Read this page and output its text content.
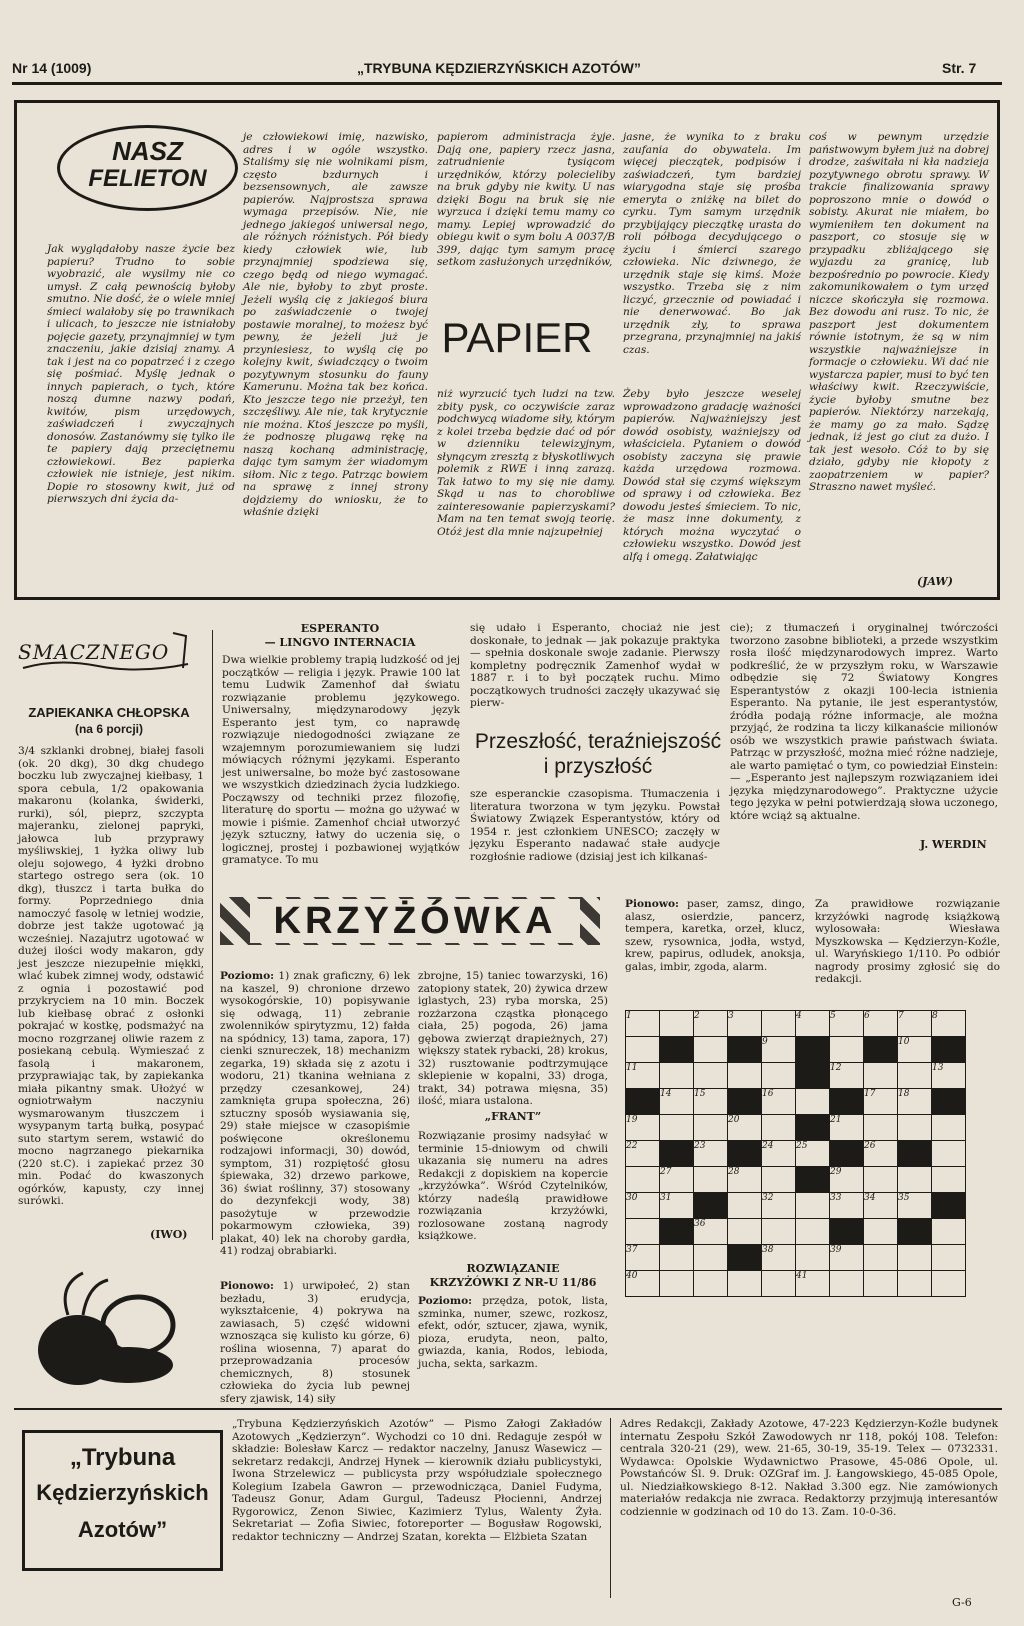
Nr 14 (1009)	„TRYBUNA KĘDZIERZYŃSKICH AZOTÓW”	Str. 7
NASZ
FELIETON
Jak wyglądałoby nasze życie bez papieru? Trudno to sobie wyobrazić, ale wysilmy nie co umysł. Z całą pewnością byłoby smutno. Nie dość, że o wiele mniej śmieci walałoby się po trawnikach i ulicach, to jeszcze nie istniałoby pojęcie gazety, przynajmniej w tym znaczeniu, jakie dzisiaj znamy. A tak i jest na co popatrzeć i z czego się pośmiać. Myślę jednak o innych papierach, o tych, które noszą dumne nazwy podań, kwitów, pism urzędowych, zaświadczeń i zwyczajnych donosów. Zastanówmy się tylko ile te papiery dają przeciętnemu człowiekowi. Bez papierka człowiek nie istnieje, jest nikim. Dopie ro stosowny kwit, już od pierwszych dni życia da-
je człowiekowi imię, nazwisko, adres i w ogóle wszystko. Staliśmy się nie wolnikami pism, często bzdurnych i bezsensownych, ale zawsze papierów. Najprostsza sprawa wymaga przepisów. Nie, nie jednego jakiegoś uniwersal nego, ale różnych różnistych. Pół biedy kiedy człowiek wie, lub przynajmniej spodziewa się, czego będą od niego wymagać. Ale nie, byłoby to zbyt proste. Jeżeli wyślą cię z jakiegoś biura po zaświadczenie o twojej postawie moralnej, to możesz być pewny, że jeżeli już je przyniesiesz, to wyślą cię po kolejny kwit, świadczący o twoim pozytywnym stosunku do fauny Kamerunu. Można tak bez końca. Kto jeszcze tego nie przeżył, ten szczęśliwy. Ale nie, tak krytycznie nie można. Ktoś jeszcze po myśli, że podnoszę plugawą rękę na naszą kochaną administrację, dając tym samym żer wiadomym siłom. Nic z tego. Patrząc bowiem na sprawę z innej strony dojdziemy do wniosku, że to właśnie dzięki
papierom administracja żyje. Dają one, papiery rzecz jasna, zatrudnienie tysiącom urzędników, którzy polecieliby na bruk gdyby nie kwity. U nas dzięki Bogu na bruk się nie wyrzuca i dzięki temu mamy co mamy. Lepiej wprowadzić do obiegu kwit o sym bolu A 0037/B 399, dając tym samym pracę setkom zasłużonych urzędników,
PAPIER
niż wyrzucić tych ludzi na tzw. zbity pysk, co oczywiście zaraz podchwycą wiadome siły, którym z kolei trzeba będzie dać od pór w dzienniku telewizyjnym, słynącym zresztą z błyskotliwych polemik z RWE i inną zarazą. Tak łatwo to my się nie damy. Skąd u nas to chorobliwe zainteresowanie papierzyskami? Mam na ten temat swoją teorię. Otóż jest dla mnie najzupełniej
jasne, że wynika to z braku zaufania do obywatela. Im więcej pieczątek, podpisów i zaświadczeń, tym bardziej wiarygodna staje się prośba emeryta o zniżkę na bilet do cyrku. Tym samym urzędnik przybijający pieczątkę urasta do roli półboga decydującego o życiu i śmierci szarego człowieka. Nic dziwnego, że urzędnik staje się kimś. Może wszystko. Trzeba się z nim liczyć, grzecznie od powiadać i nie denerwować. Bo jak urzędnik zły, to sprawa przegrana, przynajmniej na jakiś czas.
Żeby było jeszcze weselej wprowadzono gradację ważności papierów. Najważniejszy jest dowód osobisty, ważniejszy od właściciela. Pytaniem o dowód osobisty zaczyna się prawie każda urzędowa rozmowa. Dowód stał się czymś większym od sprawy i od człowieka. Bez dowodu jesteś śmieciem. To nic, że masz inne dokumenty, z których można wyczytać o człowieku wszystko. Dowód jest alfą i omegą. Załatwiając
coś w pewnym urzędzie państwowym byłem już na dobrej drodze, zaświtała ni kła nadzieja pozytywnego obrotu sprawy. W trakcie finalizowania sprawy poproszono mnie o dowód o sobisty. Akurat nie miałem, bo wymieniłem ten dokument na paszport, co stosuje się w przypadku zbliżającego się wyjazdu za granicę, lub bezpośrednio po powrocie. Kiedy zakomunikowałem o tym urzęd niczce skończyła się rozmowa. Bez dowodu ani rusz. To nic, że paszport jest dokumentem równie istotnym, że są w nim wszystkie najważniejsze in formacje o człowieku. Wi dać nie wystarcza papier, musi to być ten właściwy kwit. Rzeczywiście, życie byłoby smutne bez papierów. Niektórzy narzekają, że mamy go za mało. Sądzę jednak, iż jest go ciut za dużo. I tak jest wesoło. Cóż to by się działo, gdyby nie kłopoty z zaopatrzeniem w papier? Straszno nawet myśleć.
(JAW)
SMACZNEGO
ZAPIEKANKA CHŁOPSKA
(na 6 porcji)
3/4 szklanki drobnej, białej fasoli (ok. 20 dkg), 30 dkg chudego boczku lub zwyczajnej kiełbasy, 1 spora cebula, 1/2 opakowania makaronu (kolanka, świderki, rurki), sól, pieprz, szczypta majeranku, zielonej papryki, jałowca lub przyprawy myśliwskiej, 1 łyżka oliwy lub oleju sojowego, 4 łyżki drobno startego ostrego sera (ok. 10 dkg), tłuszcz i tarta bułka do formy. Poprzedniego dnia namoczyć fasolę w letniej wodzie, dobrze jest także ugotować ją wcześniej. Nazajutrz ugotować w dużej ilości wody makaron, gdy jest jeszcze niezupełnie miękki, wlać kubek zimnej wody, odstawić z ognia i pozostawić pod przykryciem na 10 min. Boczek lub kiełbasę obrać z osłonki pokrajać w kostkę, podsmażyć na mocno rozgrzanej oliwie razem z posiekaną cebulą. Wymieszać z fasolą i makaronem, przyprawiając tak, by zapiekanka miała pikantny smak. Ułożyć w ogniotrwałym naczyniu wysmarowanym tłuszczem i wysypanym tartą bułką, posypać suto startym serem, wstawić do mocno nagrzanego piekarnika (220 st.C). i zapiekać przez 30 min. Podać do kwaszonych ogórków, kapusty, czy innej surówki.
(IWO)
ESPERANTO
— LINGVO INTERNACIA
Dwa wielkie problemy trapią ludzkość od jej początków — religia i język. Prawie 100 lat temu Ludwik Zamenhof dał światu rozwiązanie problemu językowego. Uniwersalny, międzynarodowy język Esperanto jest tym, co naprawdę rozwiązuje niedogodności związane ze wzajemnym porozumiewaniem się ludzi mówiących różnymi językami. Esperanto jest uniwersalne, bo może być zastosowane we wszystkich dziedzinach życia ludzkiego. Począwszy od techniki przez filozofię, literaturę do sportu — można go używać w mowie i piśmie. Zamenhof chciał utworzyć język sztuczny, łatwy do uczenia się, o logicznej, prostej i pozbawionej wyjątków gramatyce. To mu
się udało i Esperanto, chociaż nie jest doskonałe, to jednak — jak pokazuje praktyka — spełnia doskonale swoje zadanie. Pierwszy kompletny podręcznik Zamenhof wydał w 1887 r. i to był początek ruchu. Mimo początkowych trudności zaczęły ukazywać się pierw-
Przeszłość, teraźniejszość
i przyszłość
sze esperanckie czasopisma. Tłumaczenia i literatura tworzona w tym języku. Powstał Światowy Związek Esperantystów, który od 1954 r. jest członkiem UNESCO; zaczęły w języku Esperanto nadawać stałe audycje rozgłośnie radiowe (dzisiaj jest ich kilkanaś-
cie); z tłumaczeń i oryginalnej twórczości tworzono zasobne biblioteki, a przede wszystkim rosła ilość międzynarodowych imprez. Warto podkreślić, że w przyszłym roku, w Warszawie odbędzie się 72 Światowy Kongres Esperantystów z okazji 100-lecia istnienia Esperanto. Na pytanie, ile jest esperantystów, źródła podają różne informacje, ale można przyjąć, że rodzina ta liczy kilkanaście milionów osób we wszystkich prawie państwach świata. Patrząc w przyszłość, można mieć różne nadzieje, ale warto pamiętać o tym, co powiedział Einstein: — „Esperanto jest najlepszym rozwiązaniem idei języka międzynarodowego”. Praktyczne użycie tego języka w pełni potwierdzają słowa uczonego, które wciąż są aktualne.
J. WERDIN
KRZYŻÓWKA
Poziomo: 1) znak graficzny, 6) lek na kaszel, 9) chronione drzewo wysokogórskie, 10) popisywanie się odwagą, 11) zebranie zwolenników spirytyzmu, 12) fałda na spódnicy, 13) tama, zapora, 17) cienki sznureczek, 18) mechanizm zegarka, 19) składa się z azotu i wodoru, 21) tkanina wełniana z przędzy czesankowej, 24) zamknięta grupa społeczna, 26) sztuczny sposób wysiawania się, 29) stałe miejsce w czasopiśmie poświęcone określonemu rodzajowi informacji, 30) dowód, symptom, 31) rozpiętość głosu śpiewaka, 32) drzewo parkowe, 36) świat roślinny, 37) stosowany do dezynfekcji wody, 38) pasożytuje w przewodzie pokarmowym człowieka, 39) plakat, 40) lek na choroby gardła, 41) rodzaj obrabiarki.
Pionowo: 1) urwipołeć, 2) stan bezładu, 3) erudycja, wykształcenie, 4) pokrywa na zawiasach, 5) część widowni wznosząca się kulisto ku górze, 6) roślina wiosenna, 7) aparat do przeprowadzania procesów chemicznych, 8) stosunek człowieka do życia lub pewnej sfery zjawisk, 14) siły
zbrojne, 15) taniec towarzyski, 16) zatopiony statek, 20) żywica drzew iglastych, 23) ryba morska, 25) rozżarzona cząstka płonącego ciała, 25) pogoda, 26) jama gębowa zwierząt drapieżnych, 27) większy statek rybacki, 28) krokus, 32) rusztowanie podtrzymujące sklepienie w kopalni, 33) droga, trakt, 34) potrawa mięsna, 35) ilość, miara ustalona.
„FRANT”
Rozwiązanie prosimy nadsyłać w terminie 15-dniowym od chwili ukazania się numeru na adres Redakcji z dopiskiem na kopercie „krzyżówka”. Wśród Czytelników, którzy nadeślą prawidłowe rozwiązania krzyżówki, rozlosowane zostaną nagrody książkowe.
ROZWIĄZANIE
KRZYŻÓWKI Z NR-U 11/86
Poziomo: przędza, potok, lista, szminka, numer, szewc, rozkosz, efekt, odór, sztucer, zjawa, wynik, pioza, erudyta, neon, palto, gwiazda, kania, Rodos, lebioda, jucha, sekta, sarkazm.
Pionowo: paser, zamsz, dingo, alasz, osierdzie, pancerz, tempera, karetka, orzeł, klucz, szew, rysownica, jodła, wstyd, krew, papirus, odludek, anoksja, galas, imbir, zgoda, alarm.
Za prawidłowe rozwiązanie krzyżówki nagrodę książkową wylosowała: Wiesława Myszkowska — Kędzierzyn-Koźle, ul. Waryńskiego 1/110. Po odbiór nagrody prosimy zgłosić się do redakcji.
1		2	3		4	5	6	7	8
				9				10	
11						12			13
	14	15		16			17	18	
19			20			21			
22		23		24	25		26		
	27		28			29			
30	31			32		33	34	35	
		36							
37				38		39			
40					41				
„Trybuna
Kędzierzyńskich
Azotów”
„Trybuna Kędzierzyńskich Azotów” — Pismo Załogi Zakładów Azotowych „Kędzierzyn”. Wychodzi co 10 dni. Redaguje zespół w składzie: Bolesław Karcz — redaktor naczelny, Janusz Wasewicz — sekretarz redakcji, Andrzej Hynek — kierownik działu publicystyki, Iwona Strzelewicz — publicysta przy współudziale społecznego Kolegium Izabela Gawron — przewodnicząca, Daniel Fudyma, Tadeusz Gonur, Adam Gurgul, Tadeusz Płocienni, Andrzej Rygorowicz, Zenon Siwiec, Kazimierz Tylus, Walenty Żyła. Sekretariat — Zofia Siwiec, fotoreporter — Bogusław Rogowski, redaktor techniczny — Andrzej Szatan, korekta — Elżbieta Szatan
Adres Redakcji, Zakłady Azotowe, 47-223 Kędzierzyn-Koźle budynek internatu Zespołu Szkół Zawodowych nr 118, pokój 108. Telefon: centrala 320-21 (29), wew. 21-65, 30-19, 35-19. Telex — 0732331. Wydawca: Opolskie Wydawnictwo Prasowe, 45-086 Opole, ul. Powstańców Śl. 9. Druk: OZGraf im. J. Łangowskiego, 45-085 Opole, ul. Niedziałkowskiego 8-12. Nakład 3.300 egz. Nie zamówionych materiałów redakcja nie zwraca. Redaktorzy przyjmują interesantów codziennie w godzinach od 10 do 13. Zam. 10-0-36.
G-6
